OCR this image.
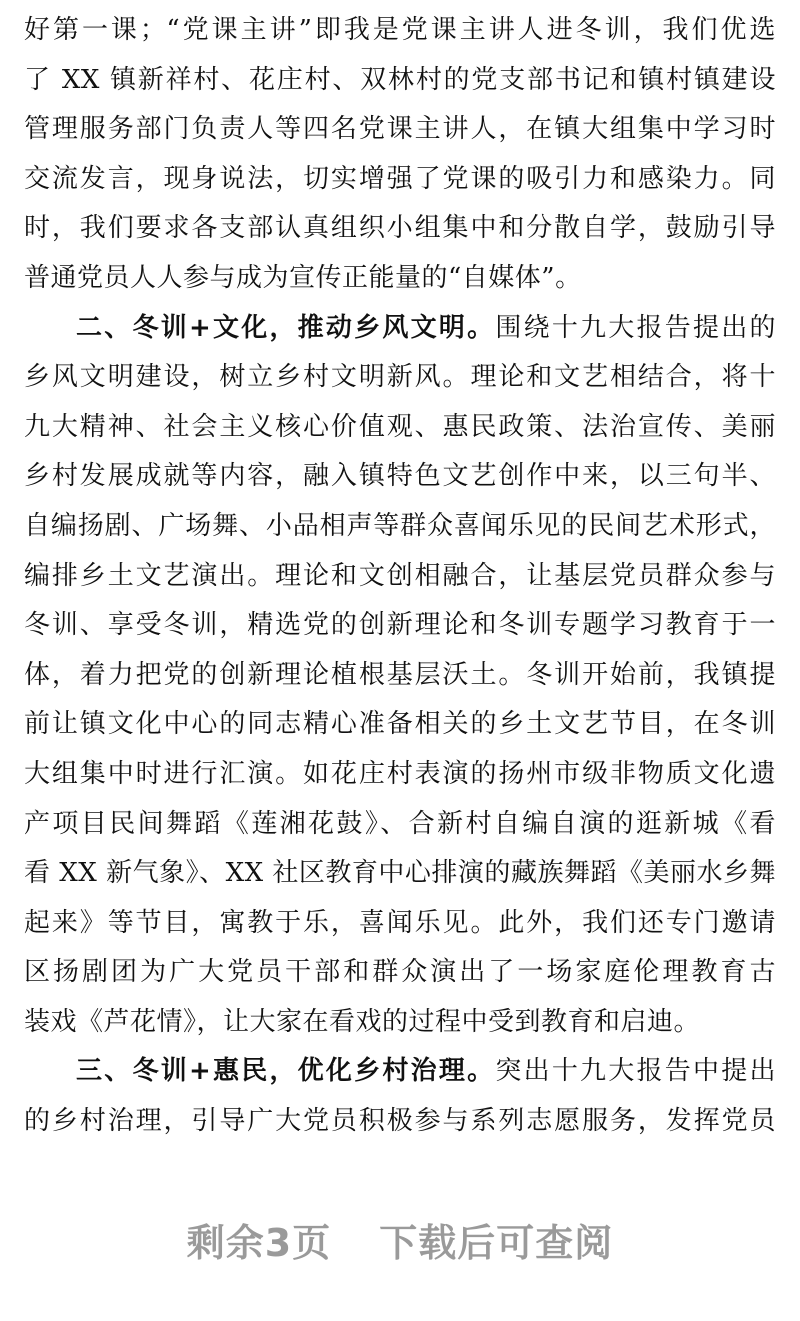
好第一课；“党课主讲”即我是党课主讲人进冬训，我们优选
了 XX 镇新祥村、花庄村、双林村的党支部书记和镇村镇建设
管理服务部门负责人等四名党课主讲人，在镇大组集中学习时
交流发言，现身说法，切实增强了党课的吸引力和感染力。同
时，我们要求各支部认真组织小组集中和分散自学，鼓励引导
普通党员人人参与成为宣传正能量的“自媒体”。
二、冬训+文化，推动乡风文明。围绕十九大报告提出的
乡风文明建设，树立乡村文明新风。理论和文艺相结合，将十
九大精神、社会主义核心价值观、惠民政策、法治宣传、美丽
乡村发展成就等内容，融入镇特色文艺创作中来，以三句半、
自编扬剧、广场舞、小品相声等群众喜闻乐见的民间艺术形式，
编排乡土文艺演出。理论和文创相融合，让基层党员群众参与
冬训、享受冬训，精选党的创新理论和冬训专题学习教育于一
体，着力把党的创新理论植根基层沃土。冬训开始前，我镇提
前让镇文化中心的同志精心准备相关的乡土文艺节目，在冬训
大组集中时进行汇演。如花庄村表演的扬州市级非物质文化遗
产项目民间舞蹈《莲湘花鼓》、合新村自编自演的逛新城《看
看 XX 新气象》、XX 社区教育中心排演的藏族舞蹈《美丽水乡舞
起来》等节目，寓教于乐，喜闻乐见。此外，我们还专门邀请
区扬剧团为广大党员干部和群众演出了一场家庭伦理教育古
装戏《芦花情》，让大家在看戏的过程中受到教育和启迪。
三、冬训+惠民，优化乡村治理。突出十九大报告中提出
的乡村治理，引导广大党员积极参与系列志愿服务，发挥党员
剩余3页 下载后可查阅
